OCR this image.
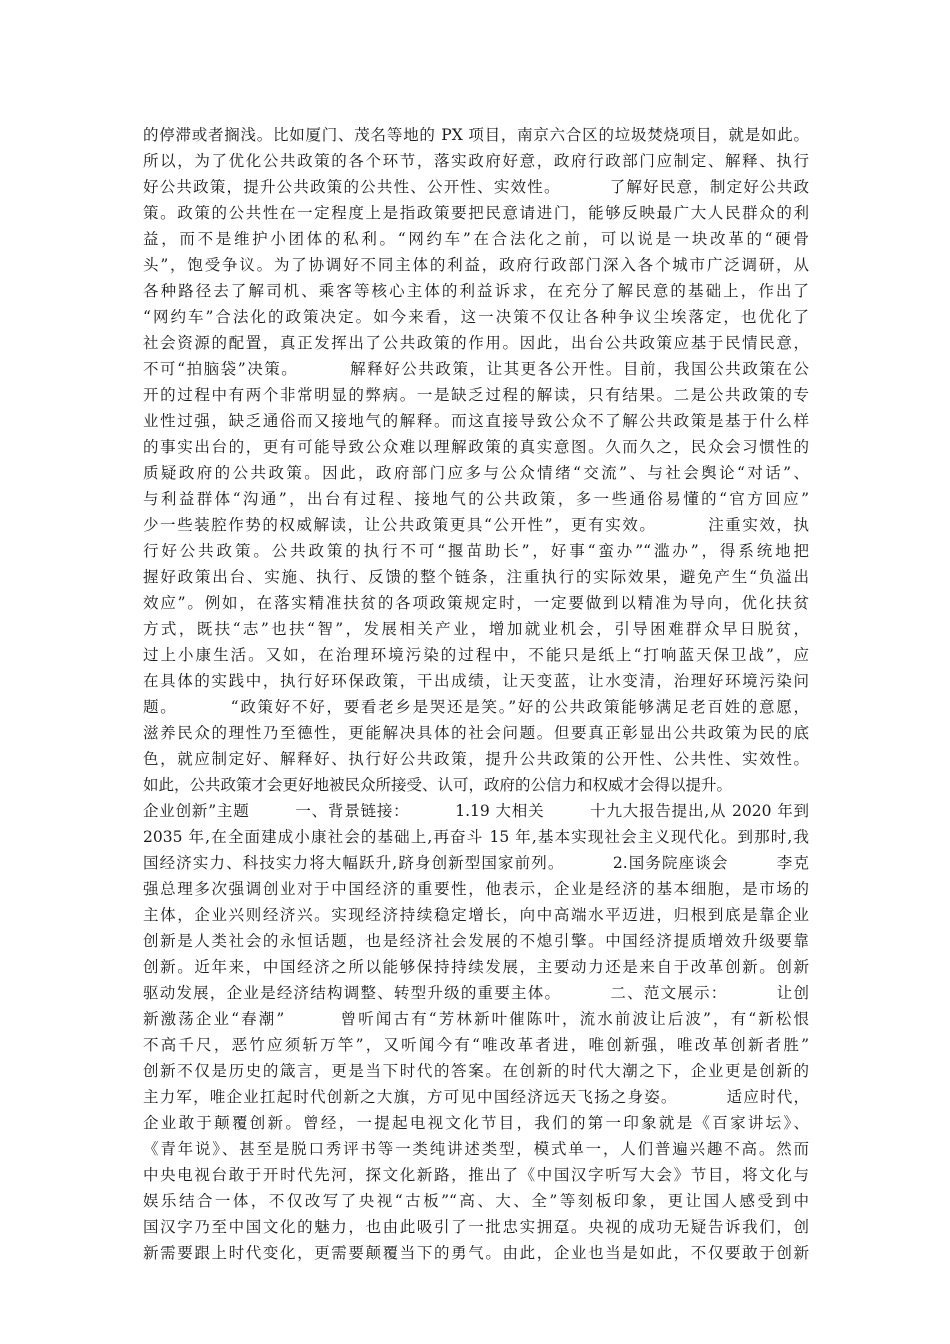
的停滞或者搁浅。比如厦门、茂名等地的 PX 项目，南京六合区的垃圾焚烧项目，就是如此。
所以，为了优化公共政策的各个环节，落实政府好意，政府行政部门应制定、解释、执行
好公共政策，提升公共政策的公共性、公开性、实效性。        了解好民意，制定好公共政
策。政策的公共性在一定程度上是指政策要把民意请进门，能够反映最广大人民群众的利
益，而不是维护小团体的私利。“网约车”在合法化之前，可以说是一块改革的“硬骨
头”，饱受争议。为了协调好不同主体的利益，政府行政部门深入各个城市广泛调研，从
各种路径去了解司机、乘客等核心主体的利益诉求，在充分了解民意的基础上，作出了
“网约车”合法化的政策决定。如今来看，这一决策不仅让各种争议尘埃落定，也优化了
社会资源的配置，真正发挥出了公共政策的作用。因此，出台公共政策应基于民情民意，
不可“拍脑袋”决策。        解释好公共政策，让其更各公开性。目前，我国公共政策在公
开的过程中有两个非常明显的弊病。一是缺乏过程的解读，只有结果。二是公共政策的专
业性过强，缺乏通俗而又接地气的解释。而这直接导致公众不了解公共政策是基于什么样
的事实出台的，更有可能导致公众难以理解政策的真实意图。久而久之，民众会习惯性的
质疑政府的公共政策。因此，政府部门应多与公众情绪“交流”、与社会舆论“对话”、
与利益群体“沟通”，出台有过程、接地气的公共政策，多一些通俗易懂的“官方回应”
少一些装腔作势的权威解读，让公共政策更具“公开性”，更有实效。        注重实效，执
行好公共政策。公共政策的执行不可“揠苗助长”，好事“蛮办”“滥办”，得系统地把
握好政策出台、实施、执行、反馈的整个链条，注重执行的实际效果，避免产生“负溢出
效应”。例如，在落实精准扶贫的各项政策规定时，一定要做到以精准为导向，优化扶贫
方式，既扶“志”也扶“智”，发展相关产业，增加就业机会，引导困难群众早日脱贫，
过上小康生活。又如，在治理环境污染的过程中，不能只是纸上“打响蓝天保卫战”，应
在具体的实践中，执行好环保政策，干出成绩，让天变蓝，让水变清，治理好环境污染问
题。        “政策好不好，要看老乡是哭还是笑。”好的公共政策能够满足老百姓的意愿，
滋养民众的理性乃至德性，更能解决具体的社会问题。但要真正彰显出公共政策为民的底
色，就应制定好、解释好、执行好公共政策，提升公共政策的公开性、公共性、实效性。
如此，公共政策才会更好地被民众所接受、认可，政府的公信力和权威才会得以提升。
企业创新”主题        一、背景链接：        1.19 大相关        十九大报告提出,从 2020 年到
2035 年,在全面建成小康社会的基础上,再奋斗 15 年,基本实现社会主义现代化。到那时,我
国经济实力、科技实力将大幅跃升,跻身创新型国家前列。        2.国务院座谈会        李克
强总理多次强调创业对于中国经济的重要性，他表示，企业是经济的基本细胞，是市场的
主体，企业兴则经济兴。实现经济持续稳定增长，向中高端水平迈进，归根到底是靠企业
创新是人类社会的永恒话题，也是经济社会发展的不熄引擎。中国经济提质增效升级要靠
创新。近年来，中国经济之所以能够保持持续发展，主要动力还是来自于改革创新。创新
驱动发展，企业是经济结构调整、转型升级的重要主体。        二、范文展示：        让创
新激荡企业“春潮”        曾听闻古有“芳林新叶催陈叶，流水前波让后波”，有“新松恨
不高千尺，恶竹应须斩万竿”，又听闻今有“唯改革者进，唯创新强，唯改革创新者胜”
创新不仅是历史的箴言，更是当下时代的答案。在创新的时代大潮之下，企业更是创新的
主力军，唯企业扛起时代创新之大旗，方可见中国经济远天飞扬之身姿。        适应时代，
企业敢于颠覆创新。曾经，一提起电视文化节目，我们的第一印象就是《百家讲坛》、
《青年说》、甚至是脱口秀评书等一类纯讲述类型，模式单一，人们普遍兴趣不高。然而
中央电视台敢于开时代先河，探文化新路，推出了《中国汉字听写大会》节目，将文化与
娱乐结合一体，不仅改写了央视“古板”“高、大、全”等刻板印象，更让国人感受到中
国汉字乃至中国文化的魅力，也由此吸引了一批忠实拥趸。央视的成功无疑告诉我们，创
新需要跟上时代变化，更需要颠覆当下的勇气。由此，企业也当是如此，不仅要敢于创新
